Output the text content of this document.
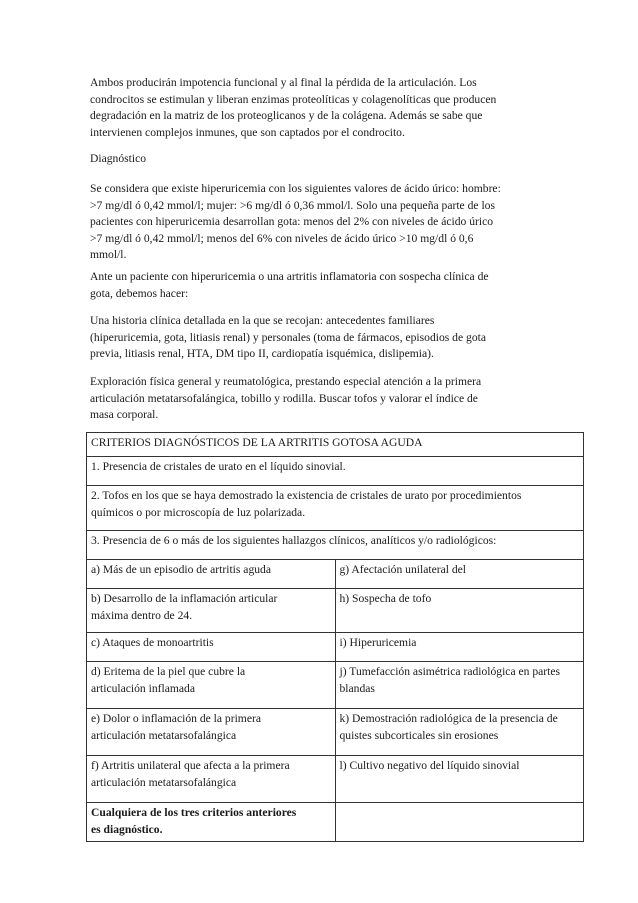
Ambos producirán impotencia funcional y al final la pérdida de la articulación. Los
condrocitos se estimulan y liberan enzimas proteolíticas y colagenolíticas que producen
degradación en la matriz de los proteoglicanos y de la colágena. Además se sabe que
intervienen complejos inmunes, que son captados por el condrocito.

Diagnóstico

Se considera que existe hiperuricemia con los siguientes valores de ácido úrico: hombre:
>7 mg/dl ó 0,42 mmol/l; mujer: >6 mg/dl ó 0,36 mmol/l. Solo una pequeña parte de los
pacientes con hiperuricemia desarrollan gota: menos del 2% con niveles de ácido úrico
>7 mg/dl ó 0,42 mmol/l; menos del 6% con niveles de ácido úrico >10 mg/dl ó 0,6
mmol/l.

Ante un paciente con hiperuricemia o una artritis inflamatoria con sospecha clínica de
gota, debemos hacer:

Una historia clínica detallada en la que se recojan: antecedentes familiares
(hiperuricemia, gota, litiasis renal) y personales (toma de fármacos, episodios de gota
previa, litiasis renal, HTA, DM tipo II, cardiopatía isquémica, dislipemia).

Exploración física general y reumatológica, prestando especial atención a la primera
articulación metatarsofalángica, tobillo y rodilla. Buscar tofos y valorar el índice de
masa corporal.

CRITERIOS DIAGNÓSTICOS DE LA ARTRITIS GOTOSA AGUDA	
1. Presencia de cristales de urato en el líquido sinovial.	
2. Tofos en los que se haya demostrado la existencia de cristales de urato por procedimientos
químicos o por microscopía de luz polarizada.	
3. Presencia de 6 o más de los siguientes hallazgos clínicos, analíticos y/o radiológicos:	
a) Más de un episodio de artritis aguda	g) Afectación unilateral del
b) Desarrollo de la inflamación articular
máxima dentro de 24.	h) Sospecha de tofo
c) Ataques de monoartritis	i) Hiperuricemia
d) Eritema de la piel que cubre la
articulación inflamada	j) Tumefacción asimétrica radiológica en partes
blandas
e) Dolor o inflamación de la primera
articulación metatarsofalángica	k) Demostración radiológica de la presencia de
quistes subcorticales sin erosiones
f) Artritis unilateral que afecta a la primera
articulación metatarsofalángica	l) Cultivo negativo del líquido sinovial
Cualquiera de los tres criterios anteriores
es diagnóstico.	
